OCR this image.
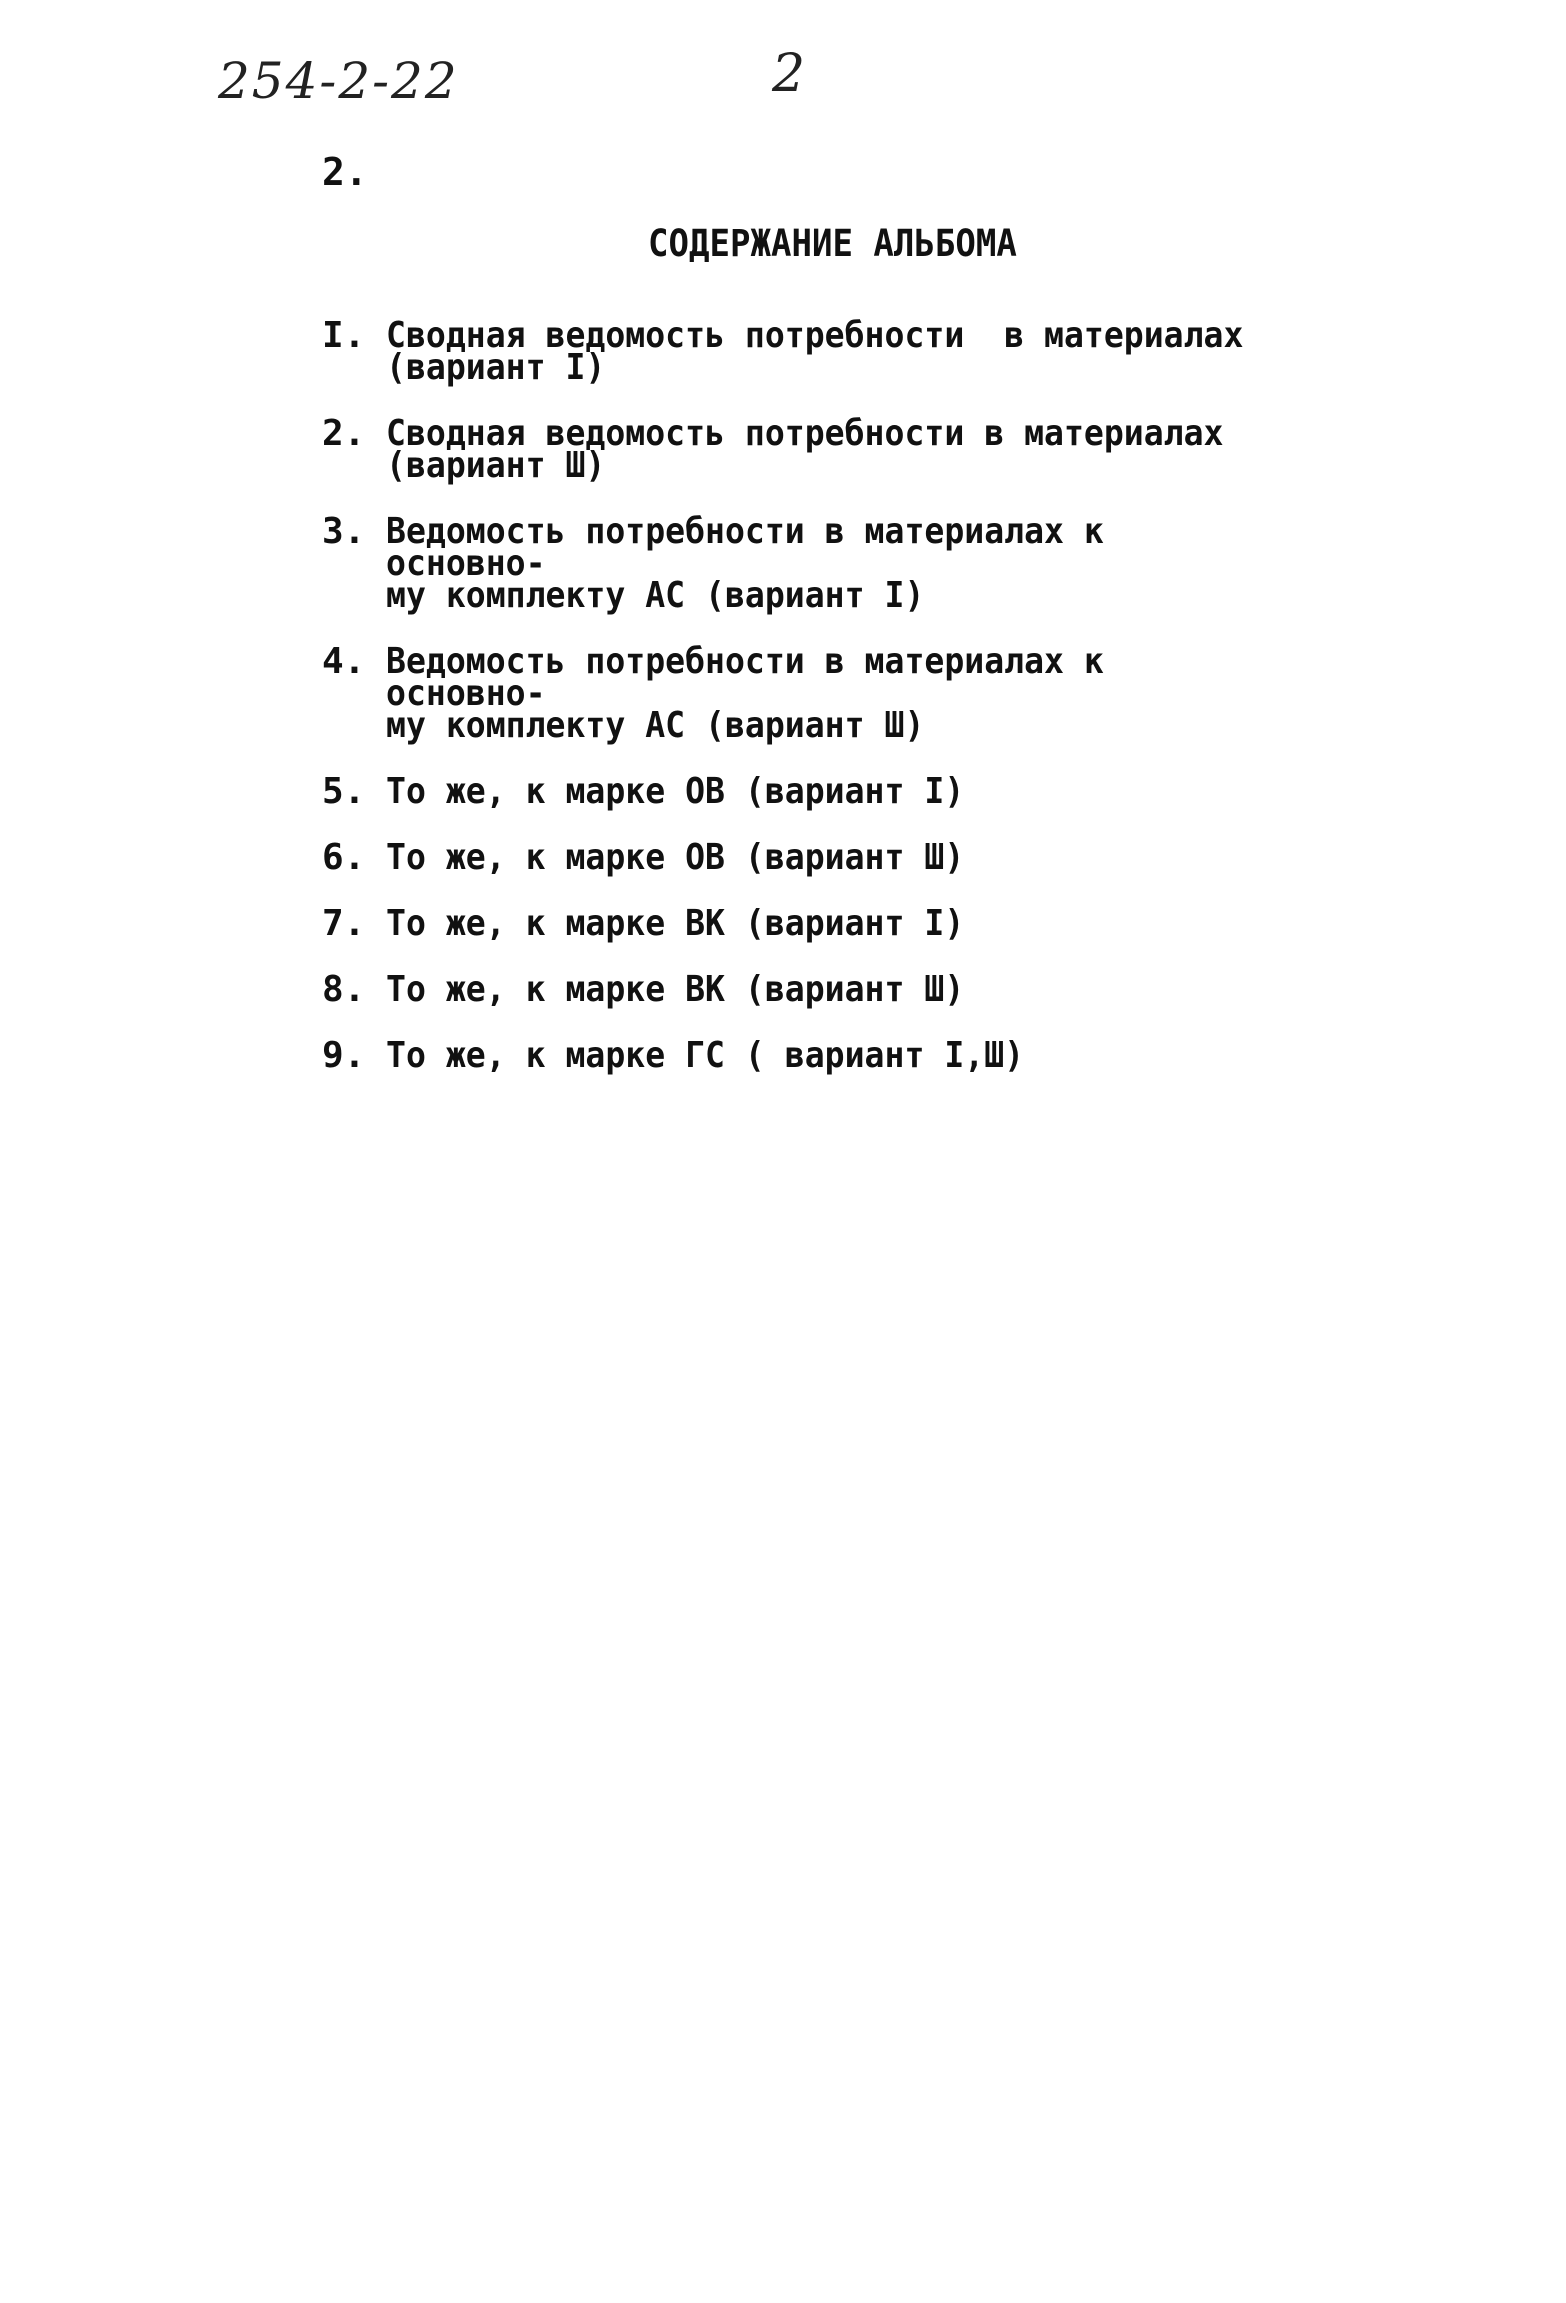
254-2-22	2
2.
СОДЕРЖАНИЕ АЛЬБОМА
I. Сводная ведомость потребности  в материалах
(вариант I)
2. Сводная ведомость потребности в материалах
(вариант Ш)
3. Ведомость потребности в материалах к основно-
му комплекту АС (вариант I)
4. Ведомость потребности в материалах к основно-
му комплекту АС (вариант Ш)
5. То же, к марке ОВ (вариант I)
6. То же, к марке ОВ (вариант Ш)
7. То же, к марке ВК (вариант I)
8. То же, к марке ВК (вариант Ш)
9. То же, к марке ГС ( вариант I,Ш)
